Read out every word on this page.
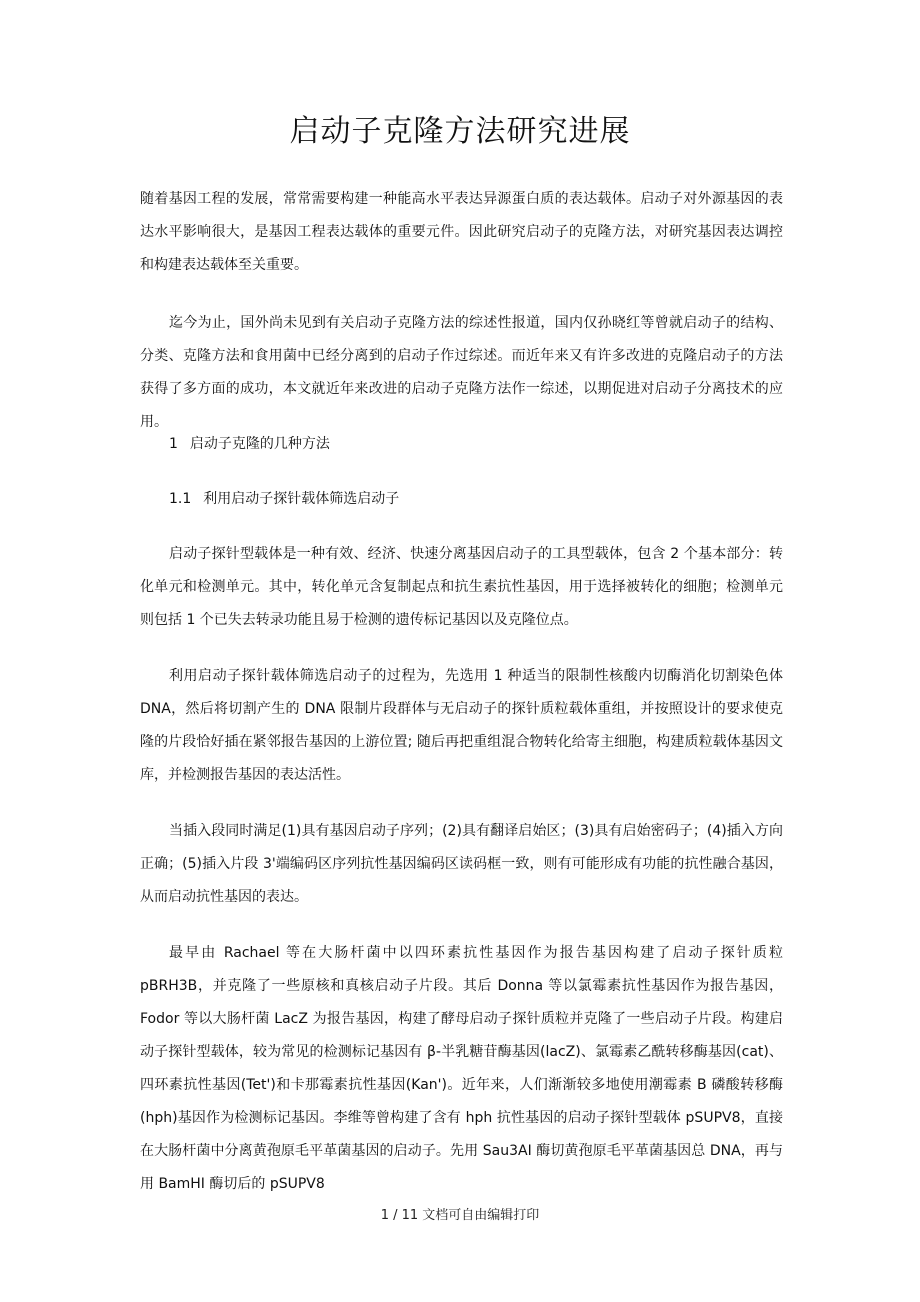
启动子克隆方法研究进展

随着基因工程的发展，常常需要构建一种能高水平表达异源蛋白质的表达载体。启动子对外源基因的表达水平影响很大，是基因工程表达载体的重要元件。因此研究启动子的克隆方法，对研究基因表达调控和构建表达载体至关重要。

迄今为止，国外尚未见到有关启动子克隆方法的综述性报道，国内仅孙晓红等曾就启动子的结构、分类、克隆方法和食用菌中已经分离到的启动子作过综述。而近年来又有许多改进的克隆启动子的方法获得了多方面的成功，本文就近年来改进的启动子克隆方法作一综述，以期促进对启动子分离技术的应用。

1 启动子克隆的几种方法

1.1 利用启动子探针载体筛选启动子

启动子探针型载体是一种有效、经济、快速分离基因启动子的工具型载体，包含 2 个基本部分：转化单元和检测单元。其中，转化单元含复制起点和抗生素抗性基因，用于选择被转化的细胞；检测单元则包括 1 个已失去转录功能且易于检测的遗传标记基因以及克隆位点。

利用启动子探针载体筛选启动子的过程为，先选用 1 种适当的限制性核酸内切酶消化切割染色体 DNA，然后将切割产生的 DNA 限制片段群体与无启动子的探针质粒载体重组，并按照设计的要求使克隆的片段恰好插在紧邻报告基因的上游位置; 随后再把重组混合物转化给寄主细胞，构建质粒载体基因文库，并检测报告基因的表达活性。

当插入段同时满足(1)具有基因启动子序列；(2)具有翻译启始区；(3)具有启始密码子；(4)插入方向正确；(5)插入片段 3'端编码区序列抗性基因编码区读码框一致，则有可能形成有功能的抗性融合基因，从而启动抗性基因的表达。

最早由 Rachael 等在大肠杆菌中以四环素抗性基因作为报告基因构建了启动子探针质粒 pBRH3B，并克隆了一些原核和真核启动子片段。其后 Donna 等以氯霉素抗性基因作为报告基因，Fodor 等以大肠杆菌 LacZ 为报告基因，构建了酵母启动子探针质粒并克隆了一些启动子片段。构建启动子探针型载体，较为常见的检测标记基因有 β-半乳糖苷酶基因(lacZ)、氯霉素乙酰转移酶基因(cat)、四环素抗性基因(Tet')和卡那霉素抗性基因(Kan')。近年来，人们渐渐较多地使用潮霉素 B 磷酸转移酶(hph)基因作为检测标记基因。李维等曾构建了含有 hph 抗性基因的启动子探针型载体 pSUPV8，直接在大肠杆菌中分离黄孢原毛平革菌基因的启动子。先用 Sau3AI 酶切黄孢原毛平革菌基因总 DNA，再与用 BamHI 酶切后的 pSUPV8

1 / 11 文档可自由编辑打印
